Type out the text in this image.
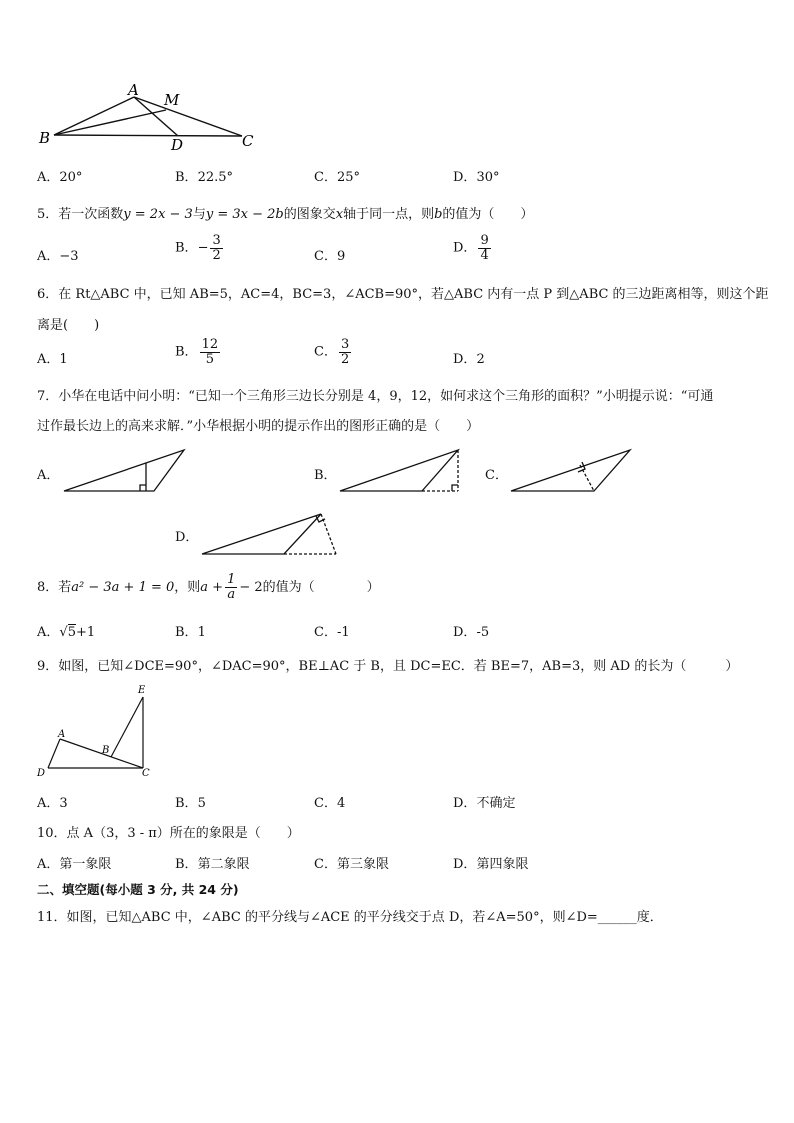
A
M
B	D	C
A．20°	B．22.5°	C．25°	D．30°
5．若一次函数y = 2x − 3与y = 3x − 2b的图象交x轴于同一点，则b的值为（　　）
A．−3
B．− $\frac{3}{2}$	C．9
D． $\frac{9}{4}$
6．在 Rt△ABC 中，已知 AB=5，AC=4，BC=3，∠ACB=90°，若△ABC 内有一点 P 到△ABC 的三边距离相等，则这个距
离是(　　)
A．1	B． $\frac{12}{5}$	C． $\frac{3}{2}$	D．2
7．小华在电话中问小明：“已知一个三角形三边长分别是 4，9，12，如何求这个三角形的面积？”小明提示说：“可通
过作最长边上的高来求解．”小华根据小明的提示作出的图形正确的是（　　）
A．	B．	C．
D．
8．若a² − 3a + 1 = 0，则$a + \frac{1}{a} - 2$的值为（　　　　）
A．√5+1	B．1	C．-1	D．-5
9．如图，已知∠DCE=90°，∠DAC=90°，BE⊥AC 于 B，且 DC=EC．若 BE=7，AB=3，则 AD 的长为（　　　）
E
A
B
D	C
A．3	B．5	C．4	D．不确定
10．点 A（3，3 - π）所在的象限是（　　）
A．第一象限	B．第二象限	C．第三象限	D．第四象限
二、填空题(每小题 3 分, 共 24 分)
11．如图，已知△ABC 中，∠ABC 的平分线与∠ACE 的平分线交于点 D，若∠A=50°，则∠D=______度．
